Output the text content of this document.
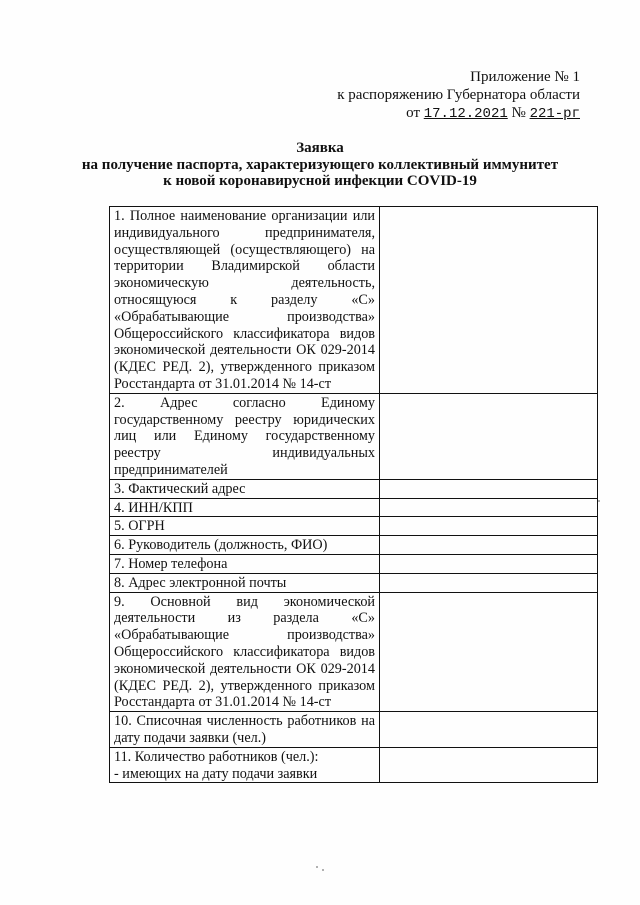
Приложение № 1
к распоряжению Губернатора области
от 17.12.2021 № 221-рг
Заявка
на получение паспорта, характеризующего коллективный иммунитет
к новой коронавирусной инфекции COVID-19
1. Полное наименование организации или индивидуального предпринимателя, осуществляющей (осуществляющего) на территории Владимирской области экономическую деятельность, относящуюся к разделу «С» «Обрабатывающие производства» Общероссийского классификатора видов экономической деятельности ОК 029-2014 (КДЕС РЕД. 2), утвержденного приказом Росстандарта от 31.01.2014 № 14-ст	
2. Адрес согласно Единому государственному реестру юридических лиц или Единому государственному реестру индивидуальных предпринимателей	
3. Фактический адрес	
4. ИНН/КПП	
5. ОГРН	
6. Руководитель (должность, ФИО)	
7. Номер телефона	
8. Адрес электронной почты	
9. Основной вид экономической деятельности из раздела «С» «Обрабатывающие производства» Общероссийского классификатора видов экономической деятельности ОК 029-2014 (КДЕС РЕД. 2), утвержденного приказом Росстандарта от 31.01.2014 № 14-ст	
10. Списочная численность работников на дату подачи заявки (чел.)	

11. Количество работников (чел.):
- имеющих на дату подачи заявки	
